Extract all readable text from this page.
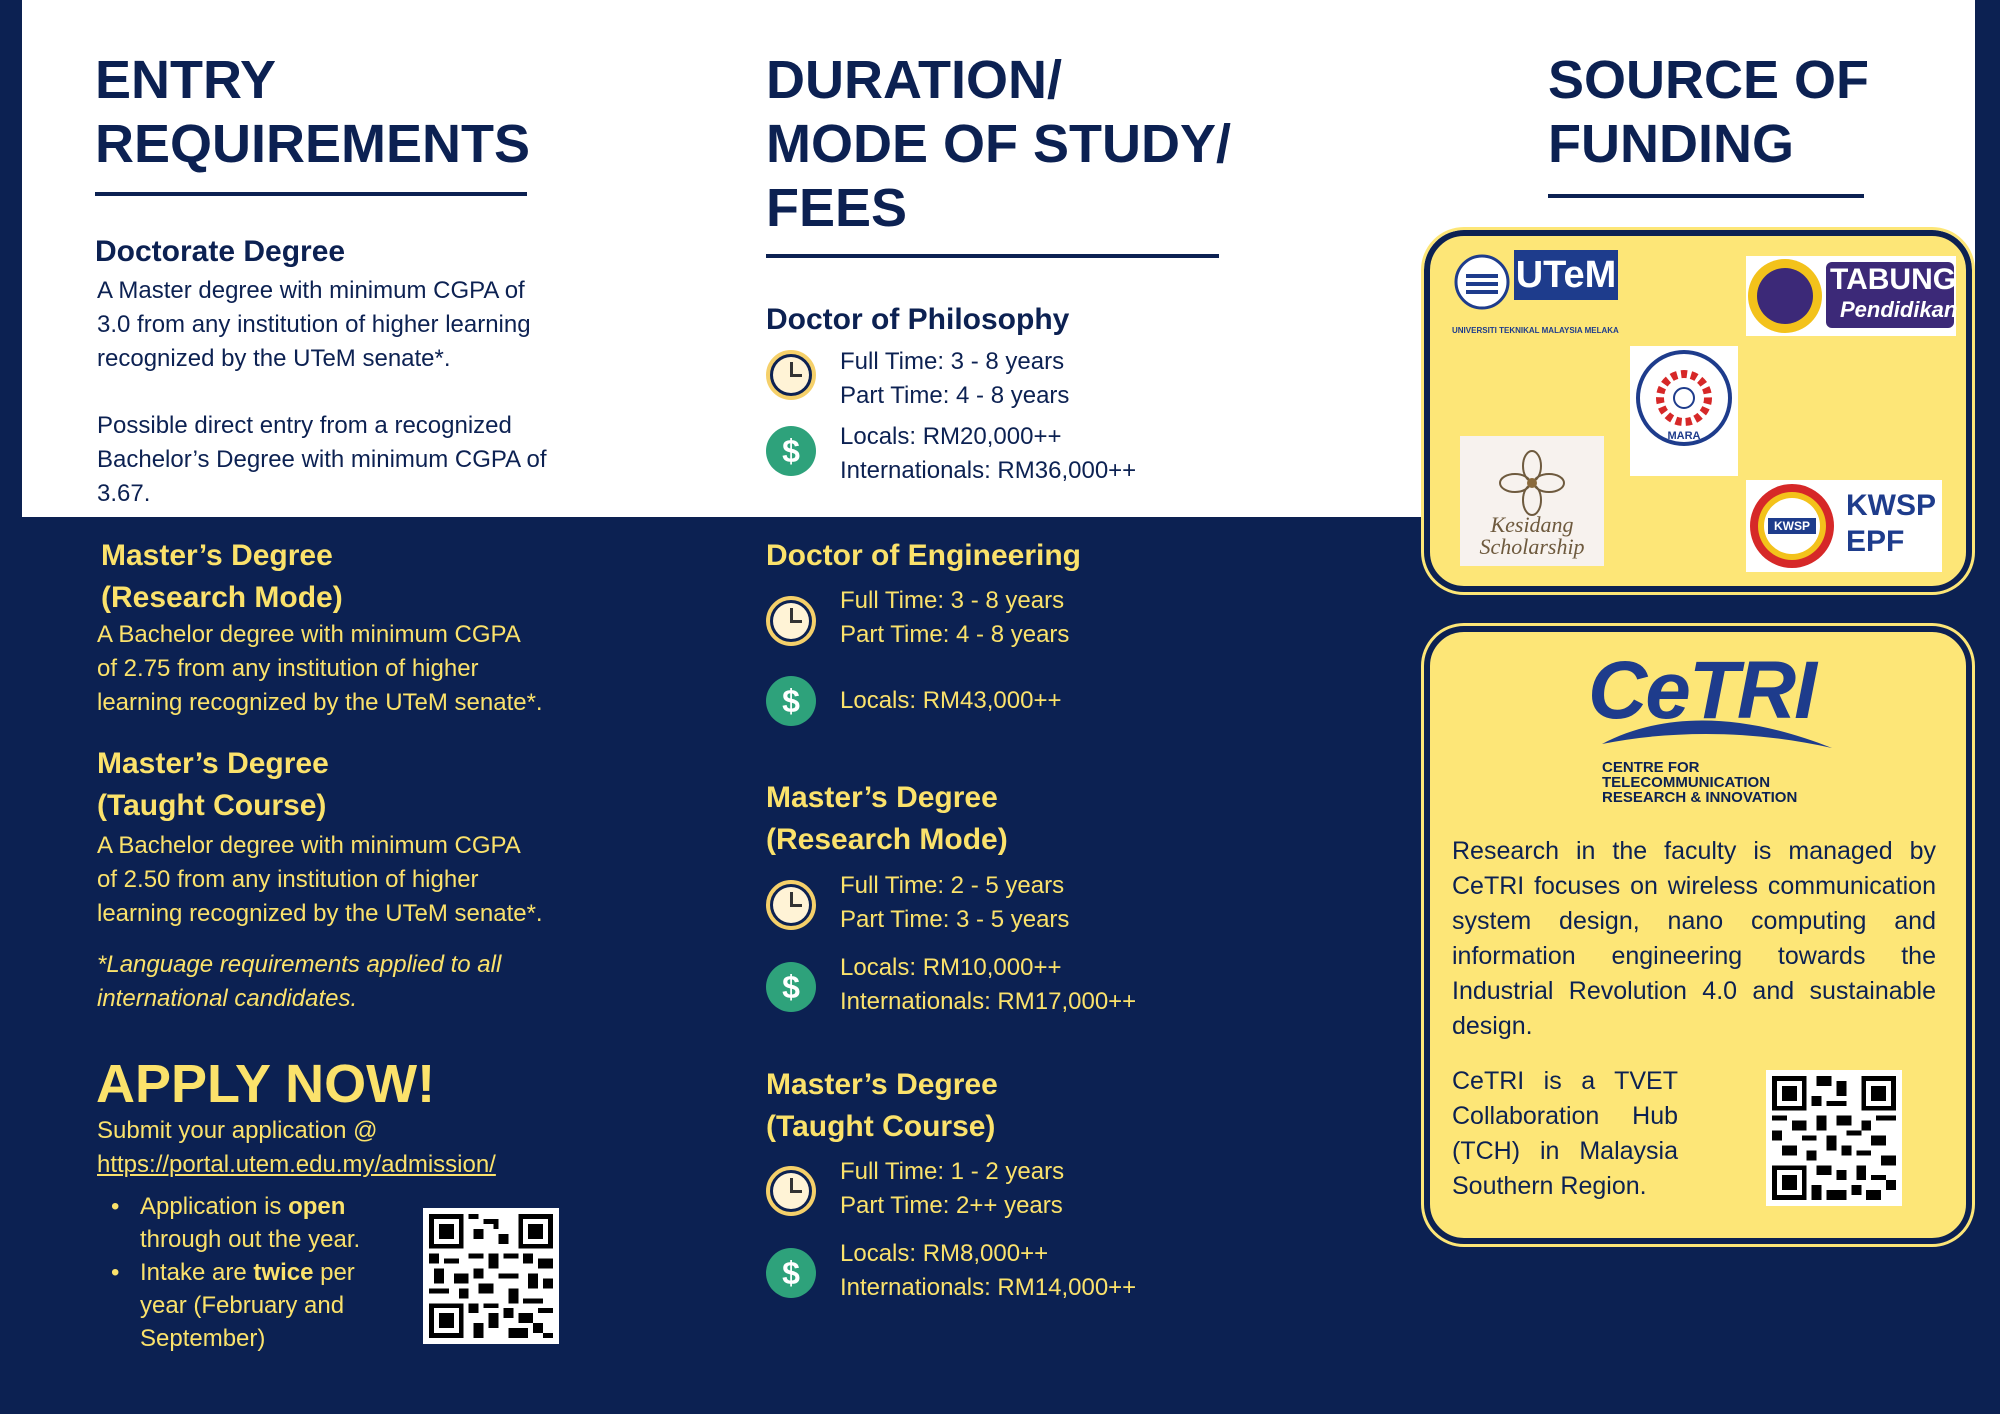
ENTRY
REQUIREMENTS
Doctorate Degree
A Master degree with minimum CGPA of
3.0 from any institution of higher learning
recognized by the UTeM senate*.
Possible direct entry from a recognized
Bachelor’s Degree with minimum CGPA of
3.67.
Master’s Degree
(Research Mode)
A Bachelor degree with minimum CGPA
of 2.75 from any institution of higher
learning recognized by the UTeM senate*.
Master’s Degree
(Taught Course)
A Bachelor degree with minimum CGPA
of 2.50 from any institution of higher
learning recognized by the UTeM senate*.
*Language requirements applied to all
international candidates.
APPLY NOW!
Submit your application @
https://portal.utem.edu.my/admission/
• Application is open
through out the year.
• Intake are twice per
year (February and
September)
DURATION/
MODE OF STUDY/
FEES
Doctor of Philosophy
Full Time: 3 - 8 years
Part Time: 4 - 8 years
$	Locals: RM20,000++
Internationals: RM36,000++
Doctor of Engineering
Full Time: 3 - 8 years
Part Time: 4 - 8 years
$	Locals: RM43,000++
Master’s Degree
(Research Mode)
Full Time: 2 - 5 years
Part Time: 3 - 5 years
$
Locals: RM10,000++
Internationals: RM17,000++
Master’s Degree
(Taught Course)
Full Time: 1 - 2 years
Part Time: 2++ years
$
Locals: RM8,000++
Internationals: RM14,000++
SOURCE OF
FUNDING
UTeM
UNIVERSITI TEKNIKAL MALAYSIA MELAKA
TABUNG
Pendidikan
MARA
Kesidang
Scholarship
KWSP
KWSP
EPF
CeTRI
CENTRE FOR
TELECOMMUNICATION
RESEARCH & INNOVATION
Research in the faculty is managed by CeTRI focuses on wireless communication system design, nano computing and information engineering towards the Industrial Revolution 4.0 and sustainable design.
CeTRI is a TVET Collaboration Hub (TCH) in Malaysia Southern Region.
